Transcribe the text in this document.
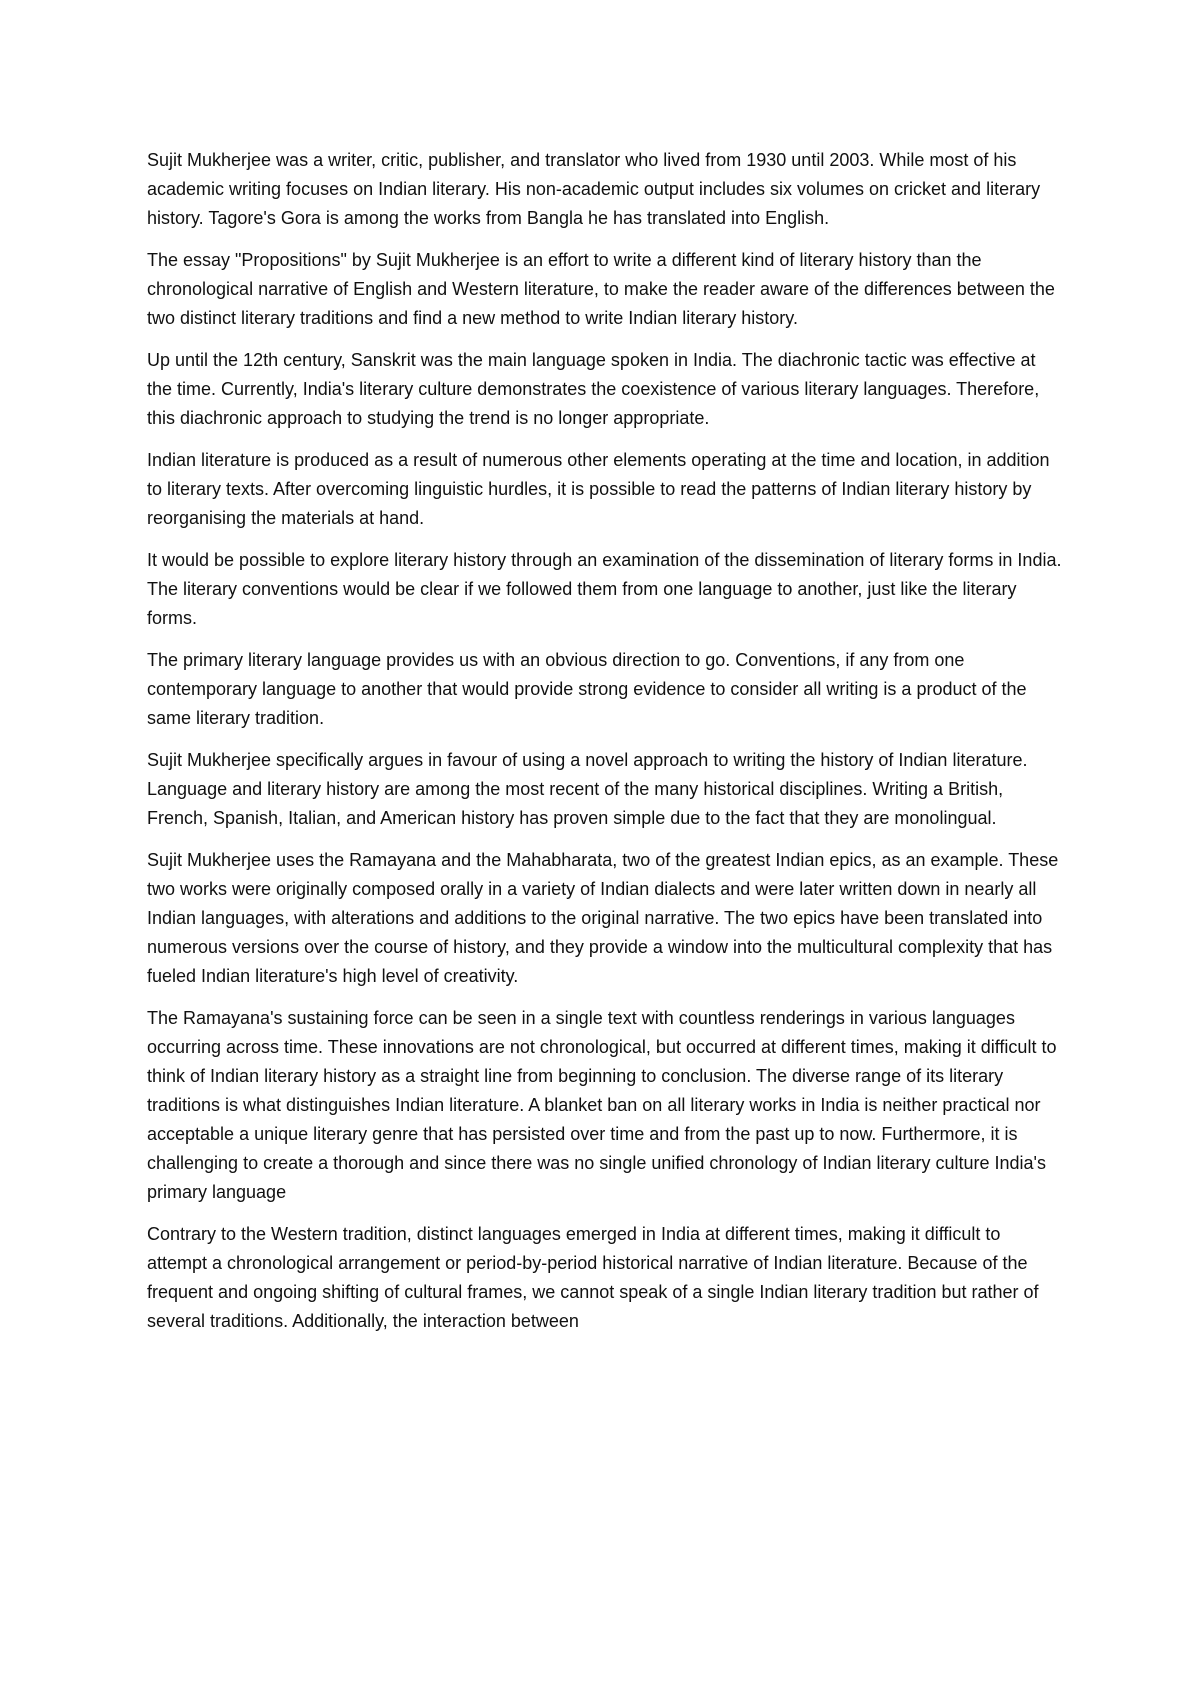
Sujit Mukherjee was a writer, critic, publisher, and translator who lived from 1930 until 2003. While most of his academic writing focuses on Indian literary. His non-academic output includes six volumes on cricket and literary history. Tagore's Gora is among the works from Bangla he has translated into English.

The essay "Propositions" by Sujit Mukherjee is an effort to write a different kind of literary history than the chronological narrative of English and Western literature, to make the reader aware of the differences between the two distinct literary traditions and find a new method to write Indian literary history.

Up until the 12th century, Sanskrit was the main language spoken in India. The diachronic tactic was effective at the time. Currently, India's literary culture demonstrates the coexistence of various literary languages. Therefore, this diachronic approach to studying the trend is no longer appropriate.

Indian literature is produced as a result of numerous other elements operating at the time and location, in addition to literary texts. After overcoming linguistic hurdles, it is possible to read the patterns of Indian literary history by reorganising the materials at hand.

It would be possible to explore literary history through an examination of the dissemination of literary forms in India. The literary conventions would be clear if we followed them from one language to another, just like the literary forms.

The primary literary language provides us with an obvious direction to go. Conventions, if any from one contemporary language to another that would provide strong evidence to consider all writing is a product of the same literary tradition.

Sujit Mukherjee specifically argues in favour of using a novel approach to writing the history of Indian literature. Language and literary history are among the most recent of the many historical disciplines. Writing a British, French, Spanish, Italian, and American history has proven simple due to the fact that they are monolingual.

Sujit Mukherjee uses the Ramayana and the Mahabharata, two of the greatest Indian epics, as an example. These two works were originally composed orally in a variety of Indian dialects and were later written down in nearly all Indian languages, with alterations and additions to the original narrative. The two epics have been translated into numerous versions over the course of history, and they provide a window into the multicultural complexity that has fueled Indian literature's high level of creativity.

The Ramayana's sustaining force can be seen in a single text with countless renderings in various languages occurring across time. These innovations are not chronological, but occurred at different times, making it difficult to think of Indian literary history as a straight line from beginning to conclusion. The diverse range of its literary traditions is what distinguishes Indian literature. A blanket ban on all literary works in India is neither practical nor acceptable a unique literary genre that has persisted over time and from the past up to now. Furthermore, it is challenging to create a thorough and since there was no single unified chronology of Indian literary culture India's primary language

Contrary to the Western tradition, distinct languages emerged in India at different times, making it difficult to attempt a chronological arrangement or period-by-period historical narrative of Indian literature. Because of the frequent and ongoing shifting of cultural frames, we cannot speak of a single Indian literary tradition but rather of several traditions. Additionally, the interaction between
